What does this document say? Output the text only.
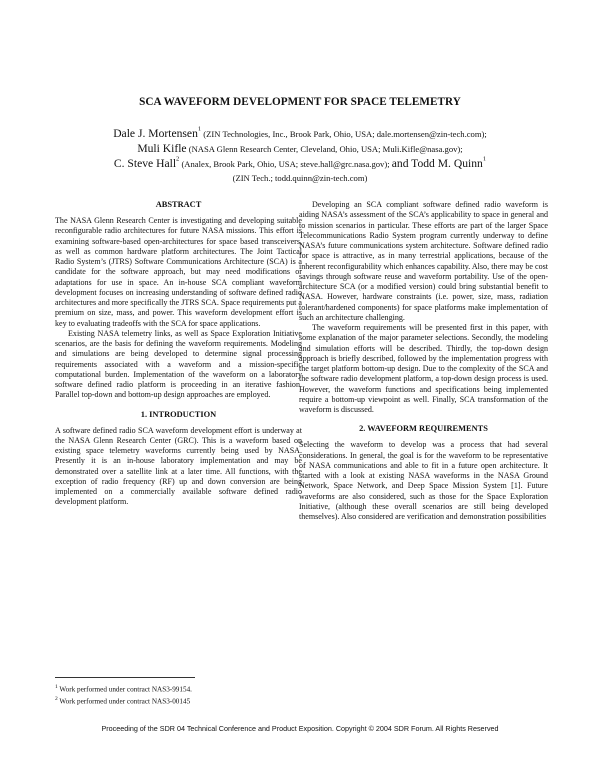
SCA WAVEFORM DEVELOPMENT FOR SPACE TELEMETRY
Dale J. Mortensen$^1$ (ZIN Technologies, Inc., Brook Park, Ohio, USA; dale.mortensen@zin-tech.com);
Muli Kifle (NASA Glenn Research Center, Cleveland, Ohio, USA; Muli.Kifle@nasa.gov);
C. Steve Hall$^2$ (Analex, Brook Park, Ohio, USA; steve.hall@grc.nasa.gov); and Todd M. Quinn$^1$
(ZIN Tech.; todd.quinn@zin-tech.com)

ABSTRACT

The NASA Glenn Research Center is investigating and developing suitable reconfigurable radio architectures for future NASA missions. This effort is examining software-based open-architectures for space based transceivers, as well as common hardware platform architectures. The Joint Tactical Radio System’s (JTRS) Software Communications Architecture (SCA) is a candidate for the software approach, but may need modifications or adaptations for use in space. An in-house SCA compliant waveform development focuses on increasing understanding of software defined radio architectures and more specifically the JTRS SCA. Space requirements put a premium on size, mass, and power. This waveform development effort is key to evaluating tradeoffs with the SCA for space applications.

Existing NASA telemetry links, as well as Space Exploration Initiative scenarios, are the basis for defining the waveform requirements. Modeling and simulations are being developed to determine signal processing requirements associated with a waveform and a mission-specific computational burden. Implementation of the waveform on a laboratory software defined radio platform is proceeding in an iterative fashion. Parallel top-down and bottom-up design approaches are employed.

1. INTRODUCTION

A software defined radio SCA waveform development effort is underway at the NASA Glenn Research Center (GRC). This is a waveform based on existing space telemetry waveforms currently being used by NASA. Presently it is an in-house laboratory implementation and may be demonstrated over a satellite link at a later time. All functions, with the exception of radio frequency (RF) up and down conversion are being implemented on a commercially available software defined radio development platform.

Developing an SCA compliant software defined radio waveform is aiding NASA’s assessment of the SCA’s applicability to space in general and to mission scenarios in particular. These efforts are part of the larger Space Telecommunications Radio System program currently underway to define NASA’s future communications system architecture. Software defined radio for space is attractive, as in many terrestrial applications, because of the inherent reconfigurability which enhances capability. Also, there may be cost savings through software reuse and waveform portability. Use of the open-architecture SCA (or a modified version) could bring substantial benefit to NASA. However, hardware constraints (i.e. power, size, mass, radiation tolerant/hardened components) for space platforms make implementation of such an architecture challenging.

The waveform requirements will be presented first in this paper, with some explanation of the major parameter selections. Secondly, the modeling and simulation efforts will be described. Thirdly, the top-down design approach is briefly described, followed by the implementation progress with the target platform bottom-up design. Due to the complexity of the SCA and the software radio development platform, a top-down design process is used. However, the waveform functions and specifications being implemented require a bottom-up viewpoint as well. Finally, SCA transformation of the waveform is discussed.

2. WAVEFORM REQUIREMENTS

Selecting the waveform to develop was a process that had several considerations. In general, the goal is for the waveform to be representative of NASA communications and able to fit in a future open architecture. It started with a look at existing NASA waveforms in the NASA Ground Network, Space Network, and Deep Space Mission System [1]. Future waveforms are also considered, such as those for the Space Exploration Initiative, (although these overall scenarios are still being developed themselves). Also considered are verification and demonstration possibilities

$^1$ Work performed under contract NAS3-99154.
$^2$ Work performed under contract NAS3-00145
Proceeding of the SDR 04 Technical Conference and Product Exposition. Copyright © 2004 SDR Forum. All Rights Reserved
